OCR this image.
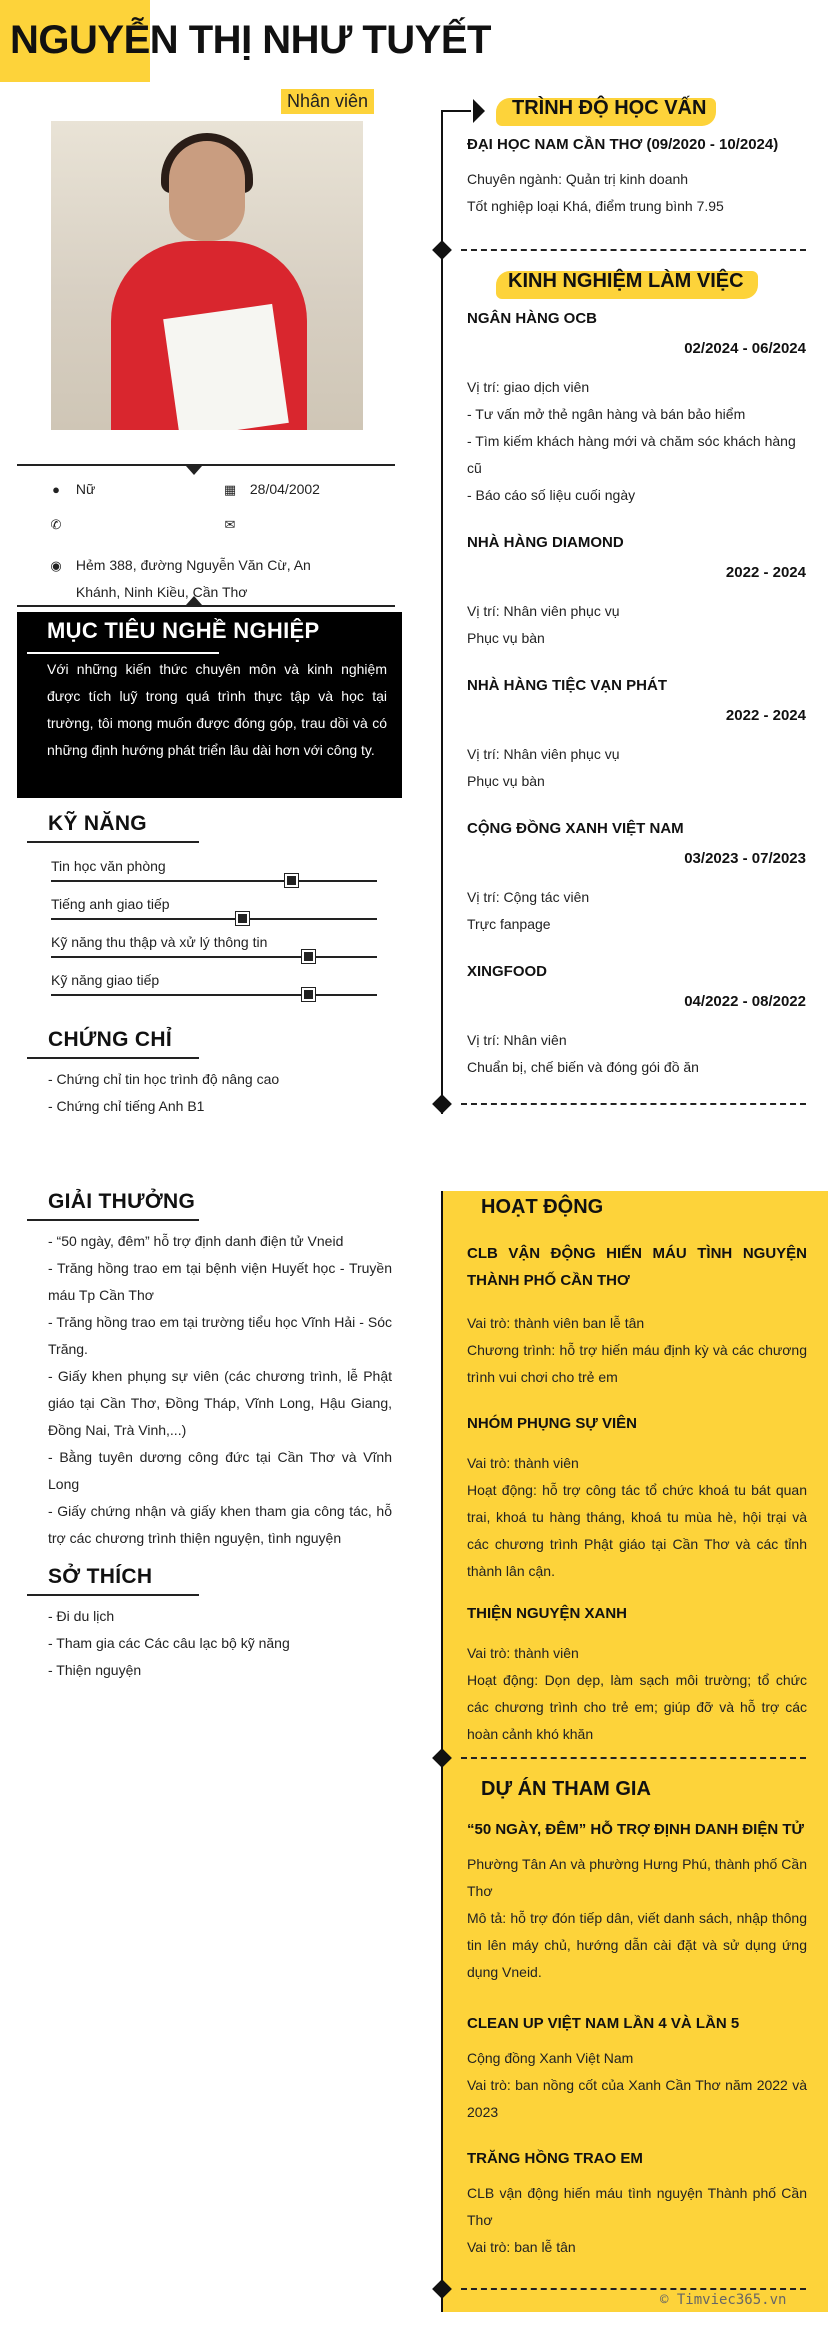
NGUYỄN THỊ NHƯ TUYẾT
Nhân viên
● Nữ	▦ 28/04/2002
✆	✉
◉ Hẻm 388, đường Nguyễn Văn Cừ, An
Khánh, Ninh Kiều, Cần Thơ
MỤC TIÊU NGHỀ NGHIỆP
Với những kiến thức chuyên môn và kinh nghiệm được tích luỹ trong quá trình thực tập và học tại trường, tôi mong muốn được đóng góp, trau dồi và có những định hướng phát triển lâu dài hơn với công ty.
KỸ NĂNG
CHỨNG CHỈ
- Chứng chỉ tin học trình độ nâng cao
- Chứng chỉ tiếng Anh B1
GIẢI THƯỞNG
- “50 ngày, đêm” hỗ trợ định danh điện tử Vneid
- Trăng hồng trao em tại bệnh viện Huyết học - Truyền máu Tp Cần Thơ
- Trăng hồng trao em tại trường tiểu học Vĩnh Hải - Sóc Trăng.
- Giấy khen phụng sự viên (các chương trình, lễ Phật giáo tại Cần Thơ, Đồng Tháp, Vĩnh Long, Hậu Giang, Đồng Nai, Trà Vinh,...)
- Bằng tuyên dương công đức tại Cần Thơ và Vĩnh Long
- Giấy chứng nhận và giấy khen tham gia công tác, hỗ trợ các chương trình thiện nguyện, tình nguyện
SỞ THÍCH
- Đi du lịch
- Tham gia các Các câu lạc bộ kỹ năng
- Thiện nguyện
TRÌNH ĐỘ HỌC VẤN
ĐẠI HỌC NAM CẦN THƠ (09/2020 - 10/2024)
Chuyên ngành: Quản trị kinh doanh
Tốt nghiệp loại Khá, điểm trung bình 7.95
KINH NGHIỆM LÀM VIỆC
HOẠT ĐỘNG
DỰ ÁN THAM GIA
© Timviec365.vn
Tin học văn phòng
Tiếng anh giao tiếp
Kỹ năng thu thập và xử lý thông tin
Kỹ năng giao tiếp
NGÂN HÀNG OCB
02/2024 - 06/2024
Vị trí: giao dịch viên
- Tư vấn mở thẻ ngân hàng và bán bảo hiểm
- Tìm kiếm khách hàng mới và chăm sóc khách hàng cũ
- Báo cáo số liệu cuối ngày
NHÀ HÀNG DIAMOND
2022 - 2024
Vị trí: Nhân viên phục vụ
Phục vụ bàn
NHÀ HÀNG TIỆC VẠN PHÁT
2022 - 2024
Vị trí: Nhân viên phục vụ
Phục vụ bàn
CỘNG ĐỒNG XANH VIỆT NAM
03/2023 - 07/2023
Vị trí: Cộng tác viên
Trực fanpage
XINGFOOD
04/2022 - 08/2022
Vị trí: Nhân viên
Chuẩn bị, chế biến và đóng gói đồ ăn
CLB VẬN ĐỘNG HIẾN MÁU TÌNH NGUYỆN THÀNH PHỐ CẦN THƠ
Vai trò: thành viên ban lễ tân
Chương trình: hỗ trợ hiến máu định kỳ và các chương trình vui chơi cho trẻ em
NHÓM PHỤNG SỰ VIÊN
Vai trò: thành viên
Hoạt động: hỗ trợ công tác tổ chức khoá tu bát quan trai, khoá tu hàng tháng, khoá tu mùa hè, hội trại và các chương trình Phật giáo tại Cần Thơ và các tỉnh thành lân cận.
THIỆN NGUYỆN XANH
Vai trò: thành viên
Hoạt động: Dọn dẹp, làm sạch môi trường; tổ chức các chương trình cho trẻ em; giúp đỡ và hỗ trợ các hoàn cảnh khó khăn
“50 NGÀY, ĐÊM” HỖ TRỢ ĐỊNH DANH ĐIỆN TỬ
Phường Tân An và phường Hưng Phú, thành phố Cần Thơ
Mô tả: hỗ trợ đón tiếp dân, viết danh sách, nhập thông tin lên máy chủ, hướng dẫn cài đặt và sử dụng ứng dụng Vneid.
CLEAN UP VIỆT NAM LẦN 4 VÀ LẦN 5
Cộng đồng Xanh Việt Nam
Vai trò: ban nồng cốt của Xanh Cần Thơ năm 2022 và 2023
TRĂNG HỒNG TRAO EM
CLB vận động hiến máu tình nguyện Thành phố Cần Thơ
Vai trò: ban lễ tân
